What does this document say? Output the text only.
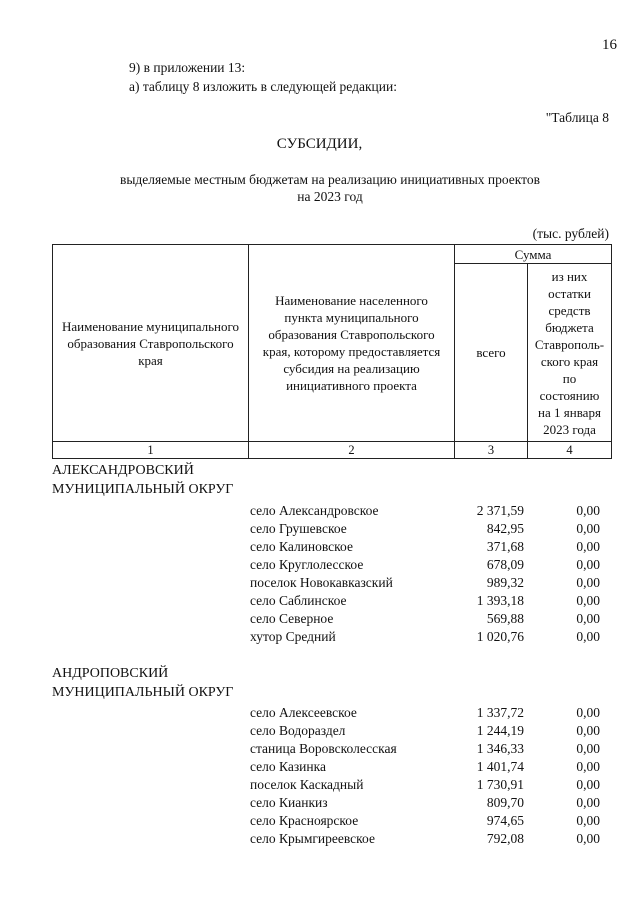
16
9) в приложении 13:
а) таблицу 8 изложить в следующей редакции:
"Таблица 8
СУБСИДИИ,
выделяемые местным бюджетам на реализацию инициативных проектов
на 2023 год
(тыс. рублей)
Наименование муниципального образования Ставропольского края	Наименование населенного пункта муниципального образования Ставропольского края, которому предоставляется субсидия на реализацию инициативного проекта	Сумма	
		всего	из них остатки средств бюджета Ставрополь-ского края по состоянию на 1 января 2023 года
1	2	3	4
АЛЕКСАНДРОВСКИЙ
МУНИЦИПАЛЬНЫЙ ОКРУГ
село Александровское	2 371,59	0,00
село Грушевское	842,95	0,00
село Калиновское	371,68	0,00
село Круглолесское	678,09	0,00
поселок Новокавказский	989,32	0,00
село Саблинское	1 393,18	0,00
село Северное	569,88	0,00
хутор Средний	1 020,76	0,00
АНДРОПОВСКИЙ
МУНИЦИПАЛЬНЫЙ ОКРУГ
село Алексеевское	1 337,72	0,00
село Водораздел	1 244,19	0,00
станица Воровсколесская	1 346,33	0,00
село Казинка	1 401,74	0,00
поселок Каскадный	1 730,91	0,00
село Кианкиз	809,70	0,00
село Красноярское	974,65	0,00
село Крымгиреевское	792,08	0,00
